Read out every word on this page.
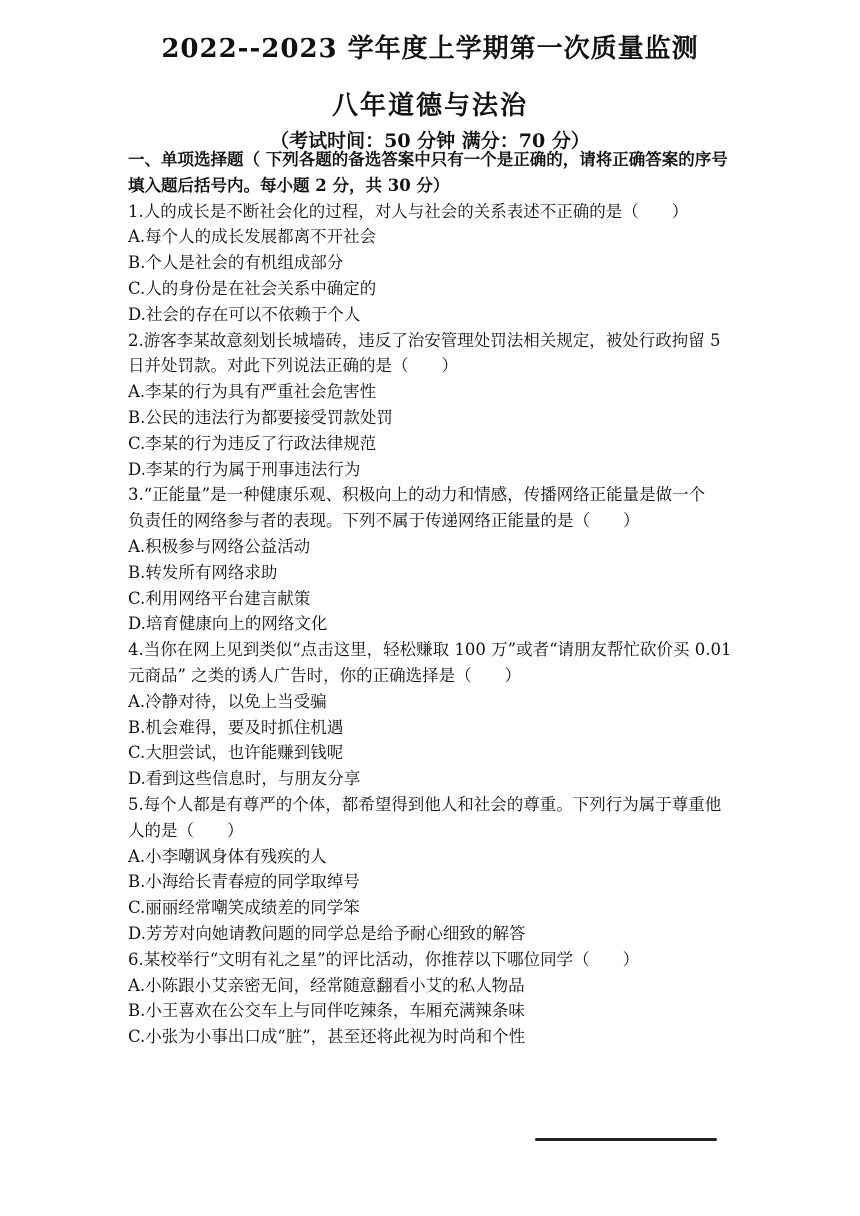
2022--2023 学年度上学期第一次质量监测
八年道德与法治
（考试时间：50 分钟 满分：70 分）
一、单项选择题（ 下列各题的备选答案中只有一个是正确的，请将正确答案的序号
填入题后括号内。每小题 2 分，共 30 分）
1.人的成长是不断社会化的过程，对人与社会的关系表述不正确的是（　　）
A.每个人的成长发展都离不开社会
B.个人是社会的有机组成部分
C.人的身份是在社会关系中确定的
D.社会的存在可以不依赖于个人
2.游客李某故意刻划长城墙砖，违反了治安管理处罚法相关规定，被处行政拘留 5
日并处罚款。对此下列说法正确的是（　　）
A.李某的行为具有严重社会危害性
B.公民的违法行为都要接受罚款处罚
C.李某的行为违反了行政法律规范
D.李某的行为属于刑事违法行为
3.“正能量”是一种健康乐观、积极向上的动力和情感，传播网络正能量是做一个
负责任的网络参与者的表现。下列不属于传递网络正能量的是（　　）
A.积极参与网络公益活动
B.转发所有网络求助
C.利用网络平台建言献策
D.培育健康向上的网络文化
4.当你在网上见到类似“点击这里，轻松赚取 100 万”或者“请朋友帮忙砍价买 0.01
元商品” 之类的诱人广告时，你的正确选择是（　　）
A.冷静对待，以免上当受骗
B.机会难得，要及时抓住机遇
C.大胆尝试，也许能赚到钱呢
D.看到这些信息时，与朋友分享
5.每个人都是有尊严的个体，都希望得到他人和社会的尊重。下列行为属于尊重他
人的是（　　）
A.小李嘲讽身体有残疾的人
B.小海给长青春痘的同学取绰号
C.丽丽经常嘲笑成绩差的同学笨
D.芳芳对向她请教问题的同学总是给予耐心细致的解答
6.某校举行“文明有礼之星”的评比活动，你推荐以下哪位同学（　　）
A.小陈跟小艾亲密无间，经常随意翻看小艾的私人物品
B.小王喜欢在公交车上与同伴吃辣条，车厢充满辣条味
C.小张为小事出口成“脏”，甚至还将此视为时尚和个性
